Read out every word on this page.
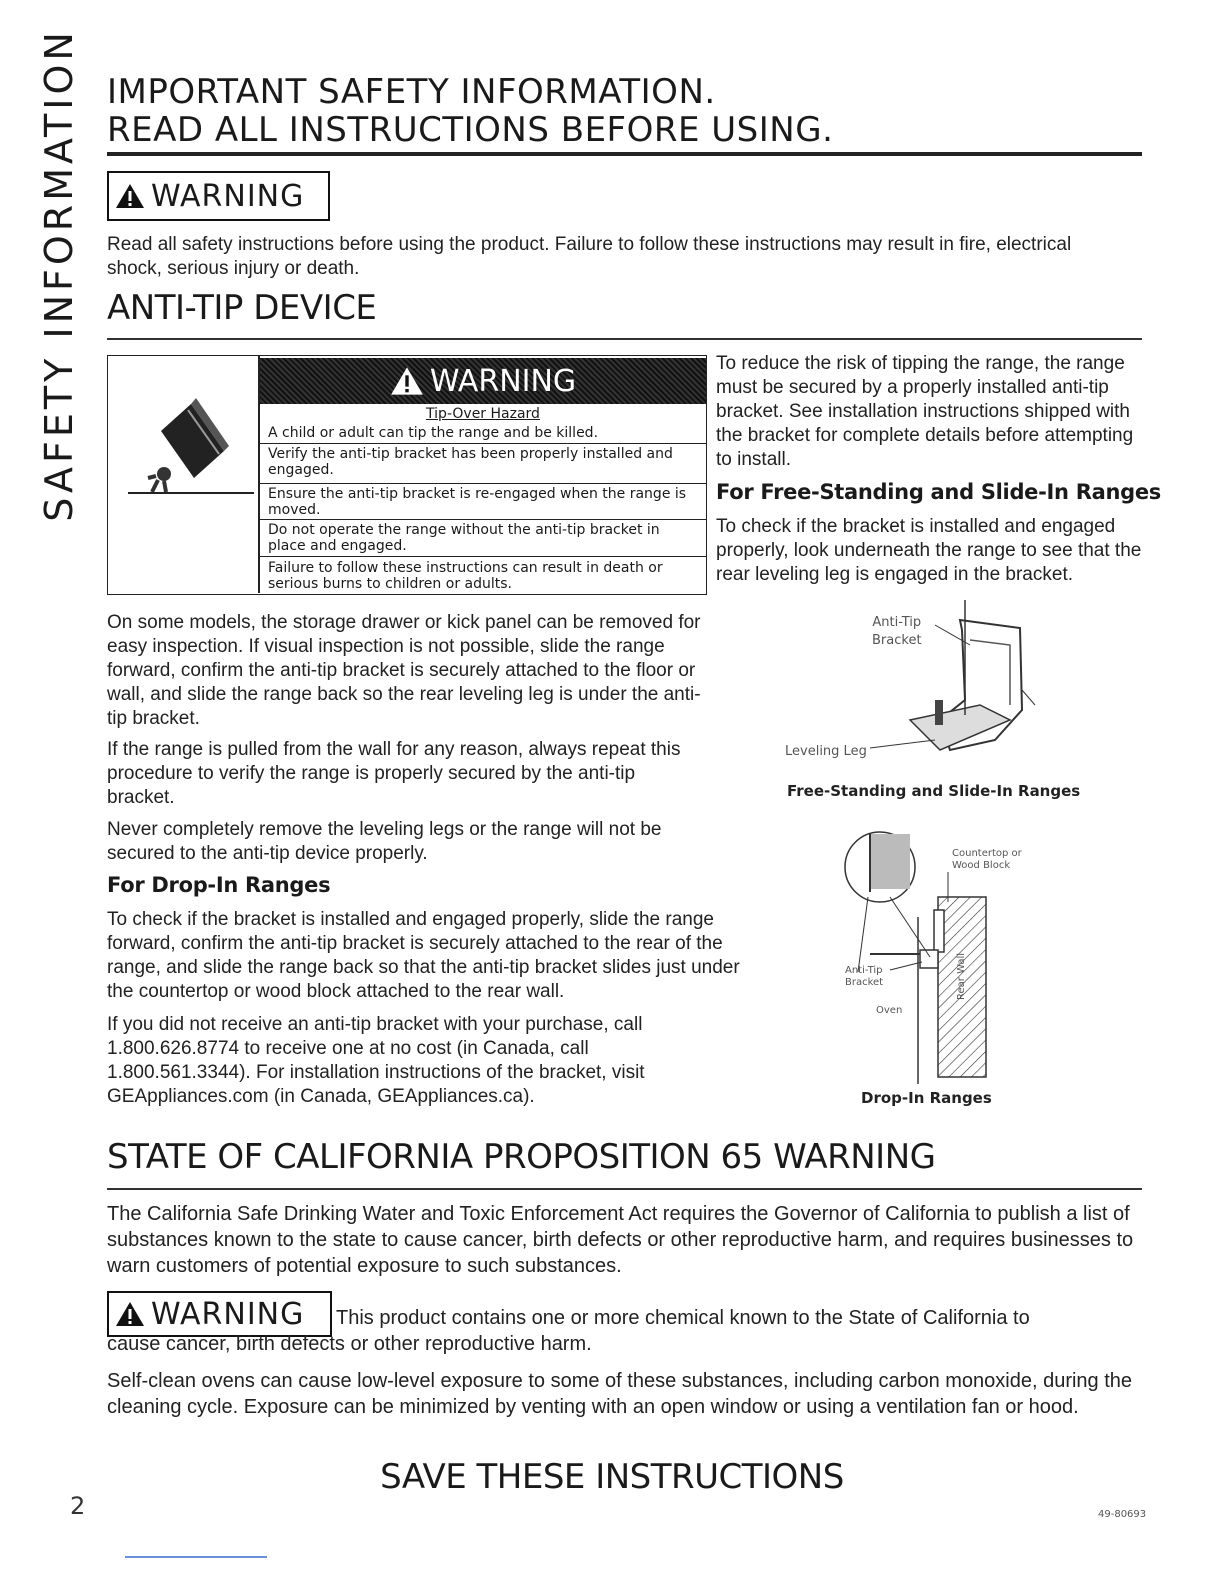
SAFETY INFORMATION IMPORTANT SAFETY INFORMATION.
READ ALL INSTRUCTIONS BEFORE USING.
WARNING
Read all safety instructions before using the product. Failure to follow these instructions may result in fire, electrical shock, serious injury or death.
ANTI-TIP DEVICE
WARNING
Tip-Over Hazard
A child or adult can tip the range and be killed.
Verify the anti-tip bracket has been properly installed and engaged.
Ensure the anti-tip bracket is re-engaged when the range is moved.
Do not operate the range without the anti-tip bracket in place and engaged.
Failure to follow these instructions can result in death or serious burns to children or adults.
To reduce the risk of tipping the range, the range must be secured by a properly installed anti-tip bracket. See installation instructions shipped with the bracket for complete details before attempting to install.
For Free-Standing and Slide-In Ranges
To check if the bracket is installed and engaged properly, look underneath the range to see that the rear leveling leg is engaged in the bracket.
On some models, the storage drawer or kick panel can be removed for easy inspection. If visual inspection is not possible, slide the range forward, confirm the anti-tip bracket is securely attached to the floor or wall, and slide the range back so the rear leveling leg is under the anti-tip bracket.
If the range is pulled from the wall for any reason, always repeat this procedure to verify the range is properly secured by the anti-tip bracket.
Never completely remove the leveling legs or the range will not be secured to the anti-tip device properly.
For Drop-In Ranges
To check if the bracket is installed and engaged properly, slide the range forward, confirm the anti-tip bracket is securely attached to the rear of the range, and slide the range back so that the anti-tip bracket slides just under the countertop or wood block attached to the rear wall.
If you did not receive an anti-tip bracket with your purchase, call 1.800.626.8774 to receive one at no cost (in Canada, call 1.800.561.3344). For installation instructions of the bracket, visit GEAppliances.com (in Canada, GEAppliances.ca).
Anti-Tip
Bracket
Leveling Leg
Free-Standing and Slide-In Ranges
Countertop or
Wood Block
Anti-Tip
Bracket
Oven
Rear Wall
Drop-In Ranges
STATE OF CALIFORNIA PROPOSITION 65 WARNING
The California Safe Drinking Water and Toxic Enforcement Act requires the Governor of California to publish a list of substances known to the state to cause cancer, birth defects or other reproductive harm, and requires businesses to warn customers of potential exposure to such substances.
WARNING This product contains one or more chemical known to the State of California to
cause cancer, birth defects or other reproductive harm.
Self-clean ovens can cause low-level exposure to some of these substances, including carbon monoxide, during the cleaning cycle. Exposure can be minimized by venting with an open window or using a ventilation fan or hood.
SAVE THESE INSTRUCTIONS
2	49-80693
